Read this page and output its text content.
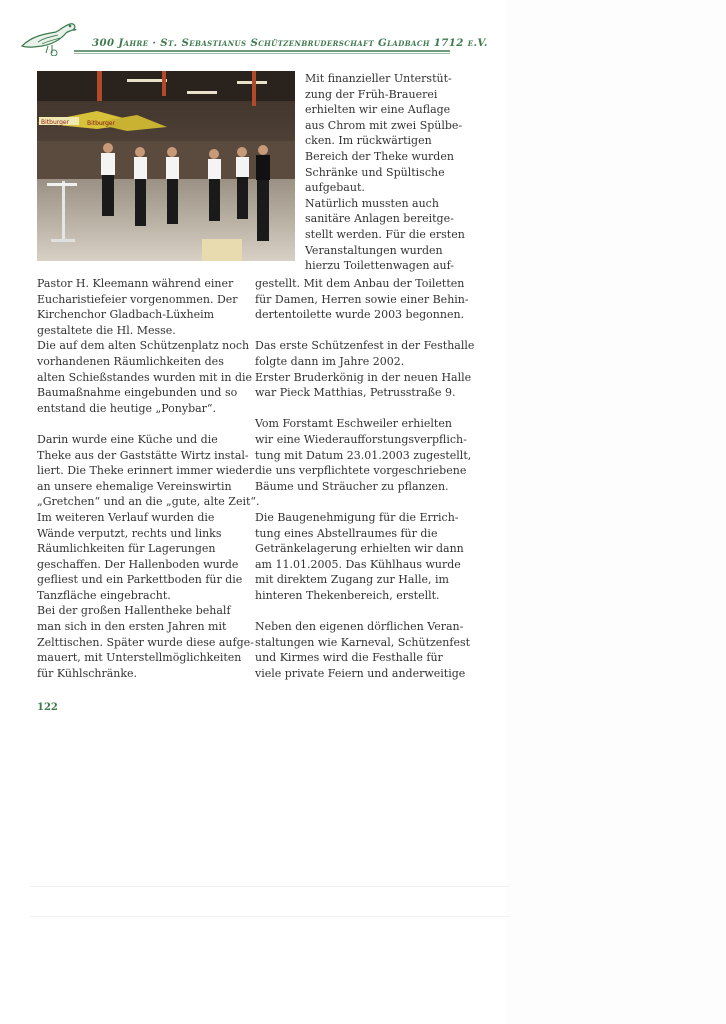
300 Jahre · St. Sebastianus Schützenbruderschaft Gladbach 1712 e.V.
Bitburger	Bitburger
Mit finanzieller Unterstüt-
zung der Früh-Brauerei
erhielten wir eine Auflage
aus Chrom mit zwei Spülbe-
cken. Im rückwärtigen
Bereich der Theke wurden
Schränke und Spültische
aufgebaut.
Natürlich mussten auch
sanitäre Anlagen bereitge-
stellt werden. Für die ersten
Veranstaltungen wurden
hierzu Toilettenwagen auf-
Pastor H. Kleemann während einer
Eucharistiefeier vorgenommen. Der
Kirchenchor Gladbach-Lüxheim
gestaltete die Hl. Messe.
Die auf dem alten Schützenplatz noch
vorhandenen Räumlichkeiten des
alten Schießstandes wurden mit in die
Baumaßnahme eingebunden und so
entstand die heutige „Ponybar“.
Darin wurde eine Küche und die
Theke aus der Gaststätte Wirtz instal-
liert. Die Theke erinnert immer wieder
an unsere ehemalige Vereinswirtin
„Gretchen“ und an die „gute, alte Zeit“.
Im weiteren Verlauf wurden die
Wände verputzt, rechts und links
Räumlichkeiten für Lagerungen
geschaffen. Der Hallenboden wurde
gefliest und ein Parkettboden für die
Tanzfläche eingebracht.
Bei der großen Hallentheke behalf
man sich in den ersten Jahren mit
Zelttischen. Später wurde diese aufge-
mauert, mit Unterstellmöglichkeiten
für Kühlschränke.
gestellt. Mit dem Anbau der Toiletten
für Damen, Herren sowie einer Behin-
dertentoilette wurde 2003 begonnen.
Das erste Schützenfest in der Festhalle
folgte dann im Jahre 2002.
Erster Bruderkönig in der neuen Halle
war Pieck Matthias, Petrusstraße 9.
Vom Forstamt Eschweiler erhielten
wir eine Wiederaufforstungsverpflich-
tung mit Datum 23.01.2003 zugestellt,
die uns verpflichtete vorgeschriebene
Bäume und Sträucher zu pflanzen.
Die Baugenehmigung für die Errich-
tung eines Abstellraumes für die
Getränkelagerung erhielten wir dann
am 11.01.2005. Das Kühlhaus wurde
mit direktem Zugang zur Halle, im
hinteren Thekenbereich, erstellt.
Neben den eigenen dörflichen Veran-
staltungen wie Karneval, Schützenfest
und Kirmes wird die Festhalle für
viele private Feiern und anderweitige
122
